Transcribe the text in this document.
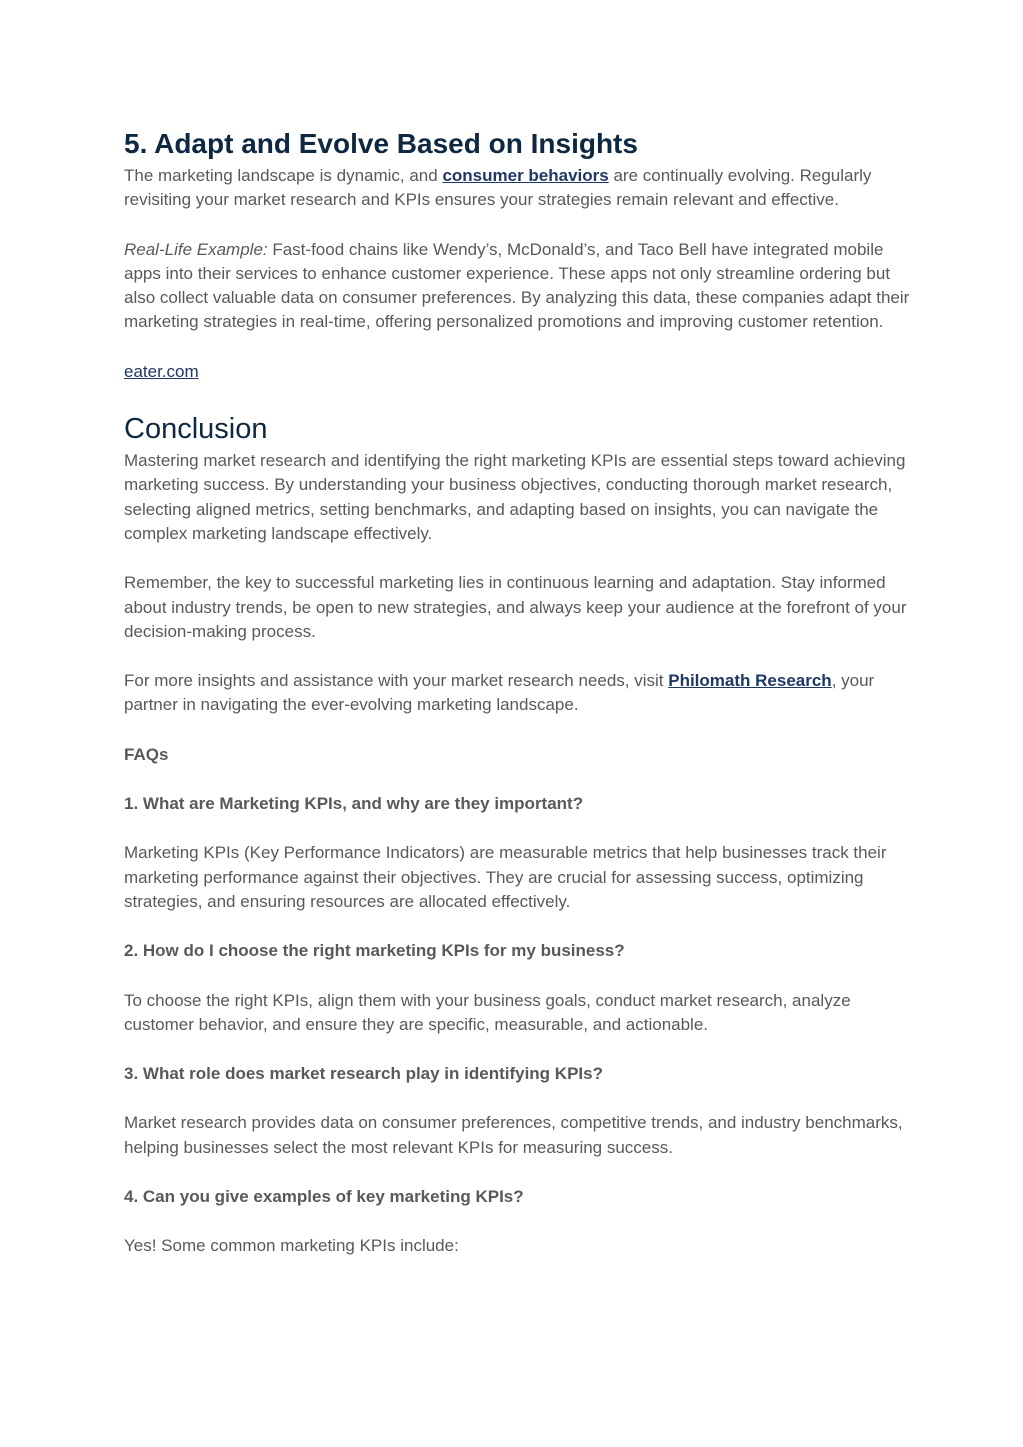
5. Adapt and Evolve Based on Insights

The marketing landscape is dynamic, and consumer behaviors are continually evolving. Regularly revisiting your market research and KPIs ensures your strategies remain relevant and effective.

Real-Life Example: Fast-food chains like Wendy’s, McDonald’s, and Taco Bell have integrated mobile apps into their services to enhance customer experience. These apps not only streamline ordering but also collect valuable data on consumer preferences. By analyzing this data, these companies adapt their marketing strategies in real-time, offering personalized promotions and improving customer retention.

eater.com

Conclusion

Mastering market research and identifying the right marketing KPIs are essential steps toward achieving marketing success. By understanding your business objectives, conducting thorough market research, selecting aligned metrics, setting benchmarks, and adapting based on insights, you can navigate the complex marketing landscape effectively.

Remember, the key to successful marketing lies in continuous learning and adaptation. Stay informed about industry trends, be open to new strategies, and always keep your audience at the forefront of your decision-making process.

For more insights and assistance with your market research needs, visit Philomath Research, your partner in navigating the ever-evolving marketing landscape.

FAQs

1. What are Marketing KPIs, and why are they important?

Marketing KPIs (Key Performance Indicators) are measurable metrics that help businesses track their marketing performance against their objectives. They are crucial for assessing success, optimizing strategies, and ensuring resources are allocated effectively.

2. How do I choose the right marketing KPIs for my business?

To choose the right KPIs, align them with your business goals, conduct market research, analyze customer behavior, and ensure they are specific, measurable, and actionable.

3. What role does market research play in identifying KPIs?

Market research provides data on consumer preferences, competitive trends, and industry benchmarks, helping businesses select the most relevant KPIs for measuring success.

4. Can you give examples of key marketing KPIs?

Yes! Some common marketing KPIs include:
